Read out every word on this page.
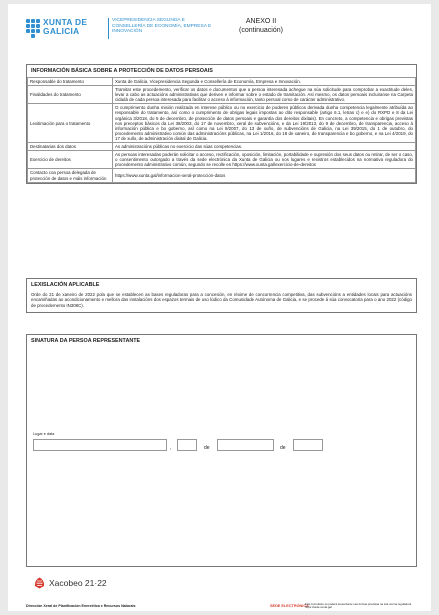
XUNTA DE GALICIA
VICEPRESIDENCIA SEGUNDA E CONSELLERÍA DE ECONOMÍA, EMPRESA E INNOVACIÓN
ANEXO II
(continuación)
INFORMACIÓN BÁSICA SOBRE A PROTECCIÓN DE DATOS PERSOAIS
Responsable do tratamento	Xunta de Galicia. Vicepresidencia Segunda e Consellería de Economía, Empresa e Innovación.
Finalidades do tratamento	Tramitar este procedemento, verificar os datos e documentos que a persoa interesada achegue na súa solicitude para comprobar a exactitude deles, levar a cabo as actuacións administrativas que deriven e informar sobre o estado de tramitación. Así mesmo, os datos persoais incluiranse na Carpeta cidadá de cada persoa interesada para facilitar o acceso á información, tanto persoal como de carácter administrativo.
Lexitimación para o tratamento	O cumprimento dunha misión realizada en interese público ou no exercicio de poderes públicos derivada dunha competencia legalmente atribuída ao responsable do tratamento, así como o cumprimento de obrigas legais impostas ao dito responsable (artigo 6.1, letras c) e e) do RXPD e 8 da Lei orgánica 3/2018, do 5 de decembro, de protección de datos persoais e garantía dos dereitos dixitais). En concreto, a competencia e obrigas previstas nos preceptos básicos da Lei 38/2003, do 17 de novembro, xeral de subvencións, e da Lei 19/2013, do 9 de decembro, de transparencia, acceso á información pública e bo goberno, así como na Lei 9/2007, do 13 de xuño, de subvencións de Galicia, na Lei 39/2015, do 1 de outubro, do procedemento administrativo común das administracións públicas, na Lei 1/2016, do 18 de xaneiro, de transparencia e bo goberno, e na Lei 4/2019, do 17 de xullo, de administración dixital de Galicia.
Destinatarias dos datos	As administracións públicas no exercicio das súas competencias.
Exercicio de dereitos	As persoas interesadas poderán solicitar o acceso, rectificación, oposición, limitación, portabilidade e supresión dos seus datos ou retirar, de ser o caso, o consentimento outorgado a través da sede electrónica da Xunta de Galicia ou nos lugares e rexistros establecidos na normativa reguladora do procedemento administrativo común, segundo se recolle en https://www.xunta.gal/exercicio-de-dereitos
Contacto coa persoa delegada de protección de datos e máis información	https://www.xunta.gal/informacion-xeral-proteccion-datos
LEXISLACIÓN APLICABLE
Orde do 21 de xaneiro de 2022 pola que se establecen as bases reguladoras para a concesión, en réxime de concorrencia competitiva, das subvencións a entidades locais para actuacións encamiñadas ao acondicionamento e mellora das instalacións dos espazos termais de uso lúdico da Comunidade Autónoma de Galicia, e se procede á súa convocatoria para o ano 2022 (código de procedemento IN308C).
SINATURA DA PERSOA REPRESENTANTE
Lugar e data
,	de	de
Xacobeo 21·22
Dirección Xeral de Planificación Enerxética e Recursos Naturais	SEDE ELECTRÓNICA
Este formulario só poderá presentarse nas formas previstas na súa norma reguladora https://sede.xunta.gal
